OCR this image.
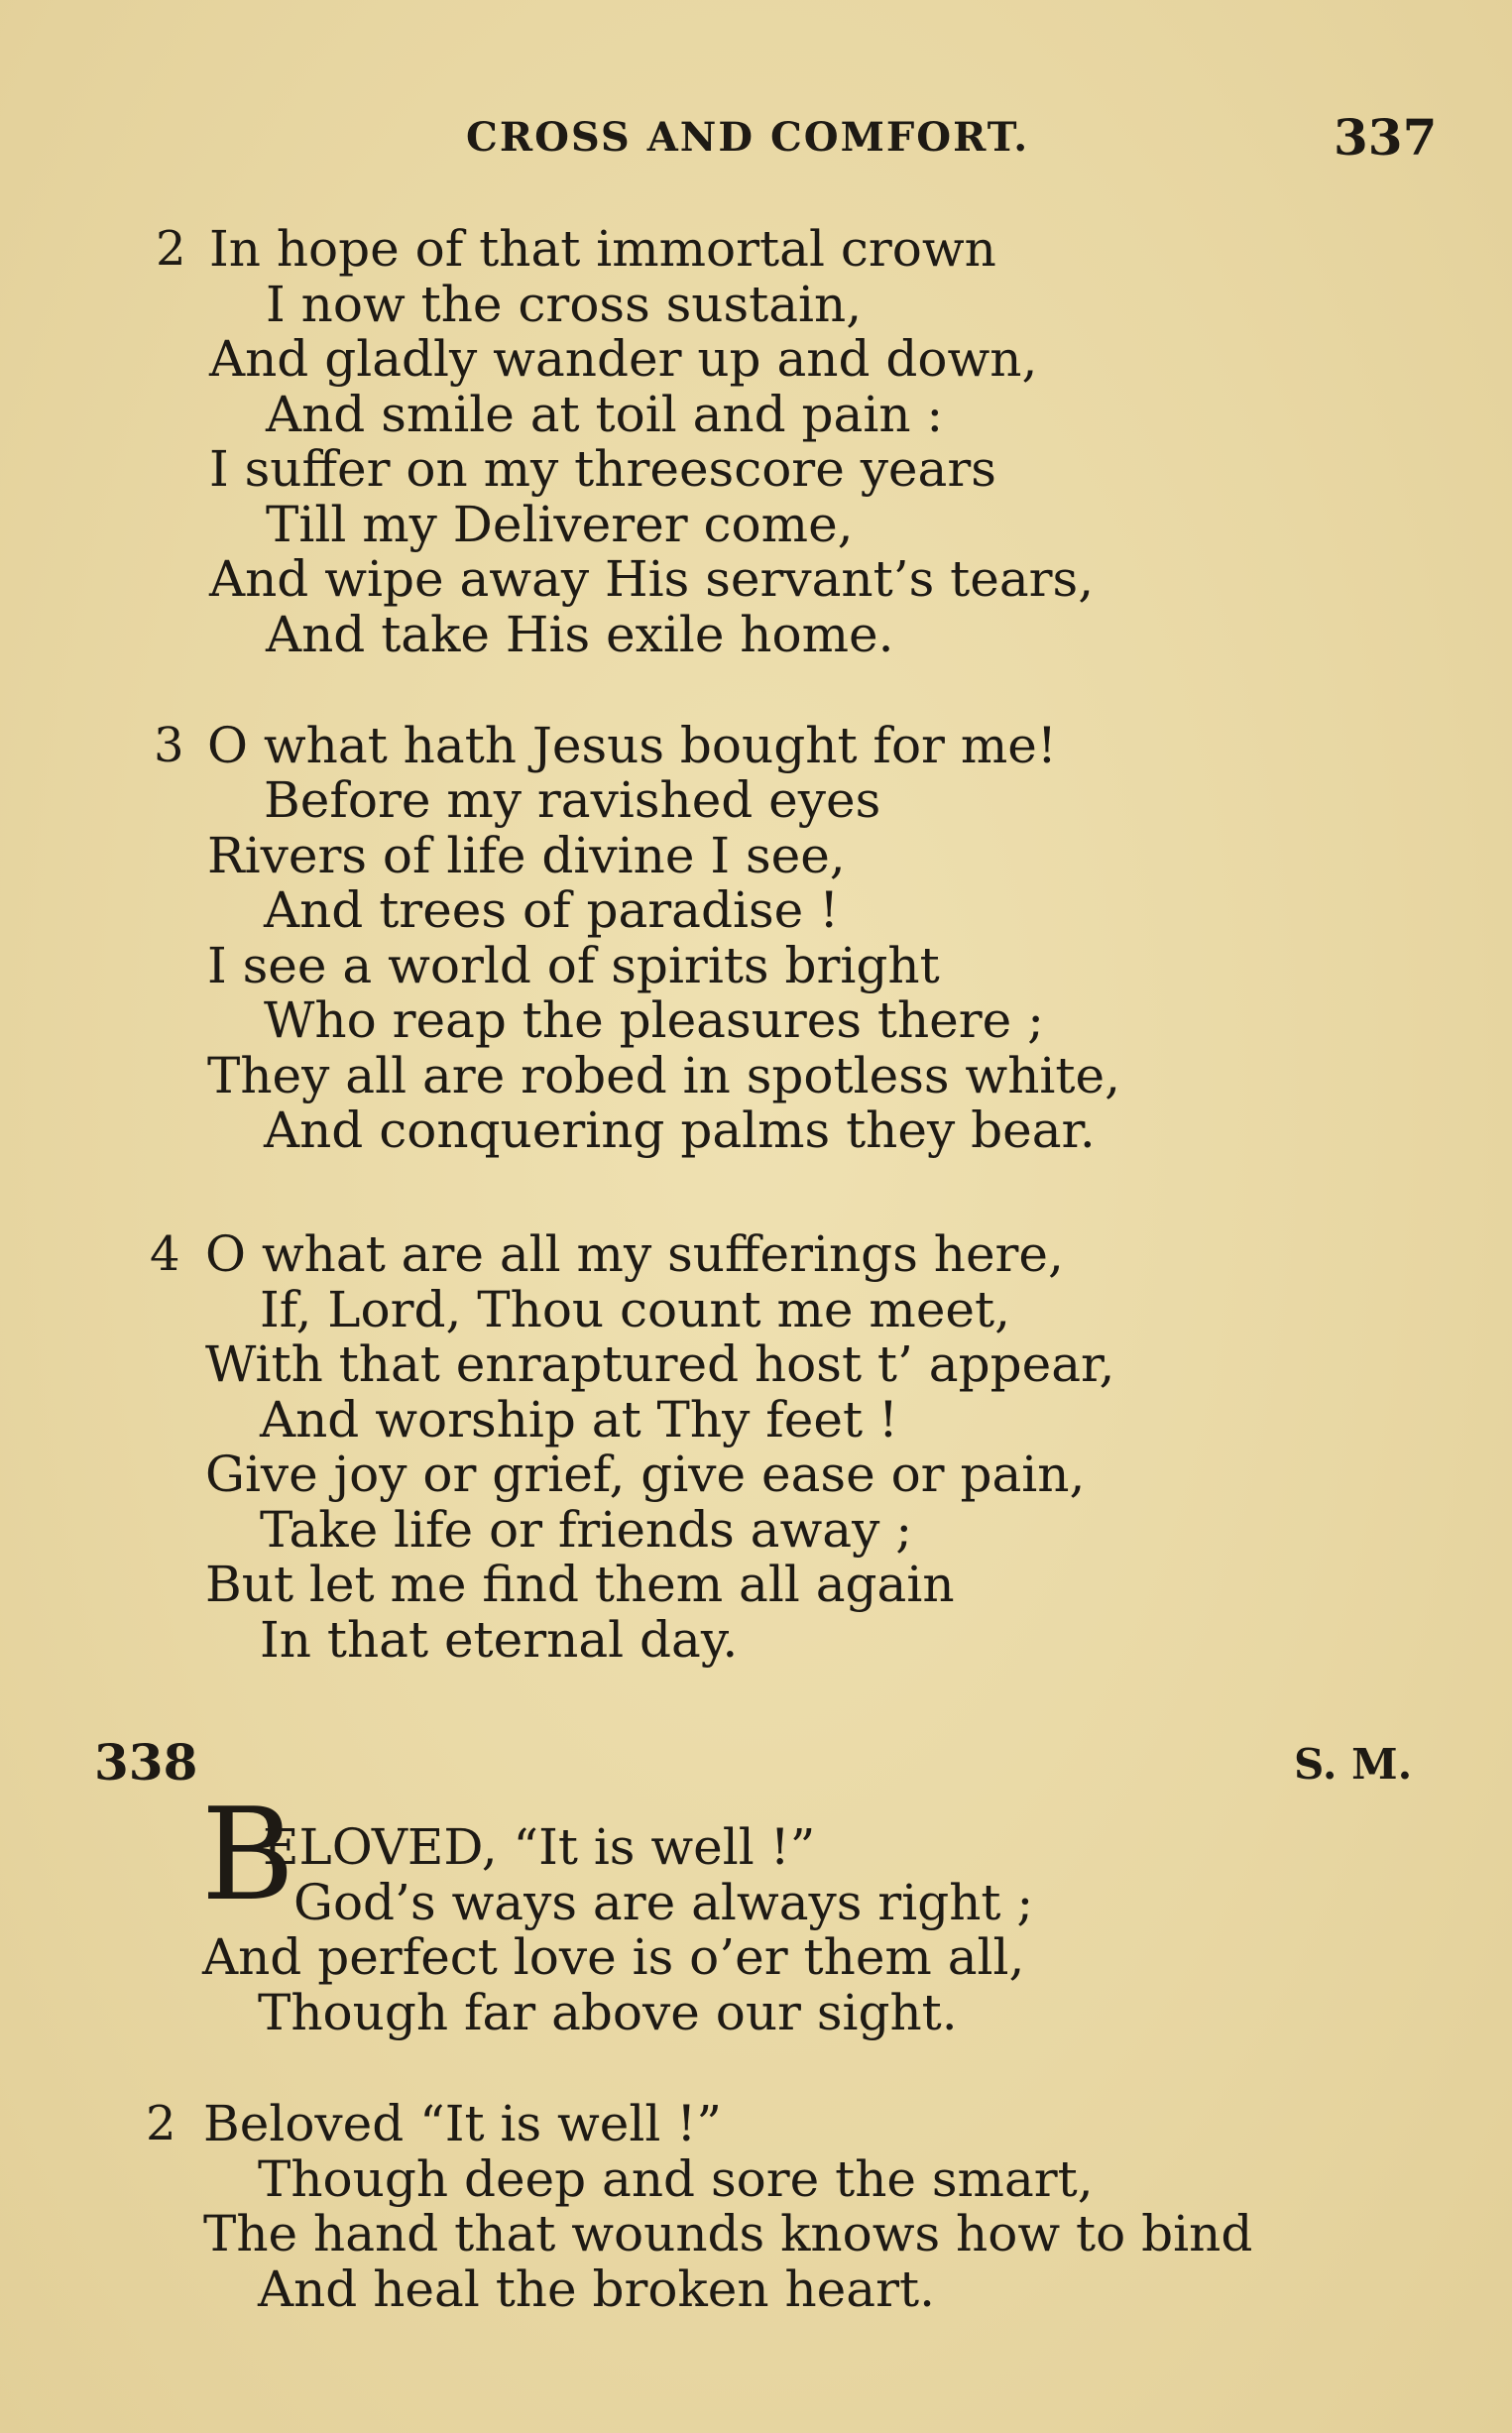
CROSS AND COMFORT.	337
2 In hope of that immortal crown
I now the cross sustain,
And gladly wander up and down,
And smile at toil and pain :
I suffer on my threescore years
Till my Deliverer come,
And wipe away His servant’s tears,
And take His exile home.
3 O what hath Jesus bought for me!
Before my ravished eyes
Rivers of life divine I see,
And trees of paradise !
I see a world of spirits bright
Who reap the pleasures there ;
They all are robed in spotless white,
And conquering palms they bear.
4 O what are all my sufferings here,
If, Lord, Thou count me meet,
With that enraptured host t’ appear,
And worship at Thy feet !
Give joy or grief, give ease or pain,
Take life or friends away ;
But let me find them all again
In that eternal day.
338	S. M.
B
ELOVED, “It is well !”
God’s ways are always right ;
And perfect love is o’er them all,
Though far above our sight.
2 Beloved “It is well !”
Though deep and sore the smart,
The hand that wounds knows how to bind
And heal the broken heart.
